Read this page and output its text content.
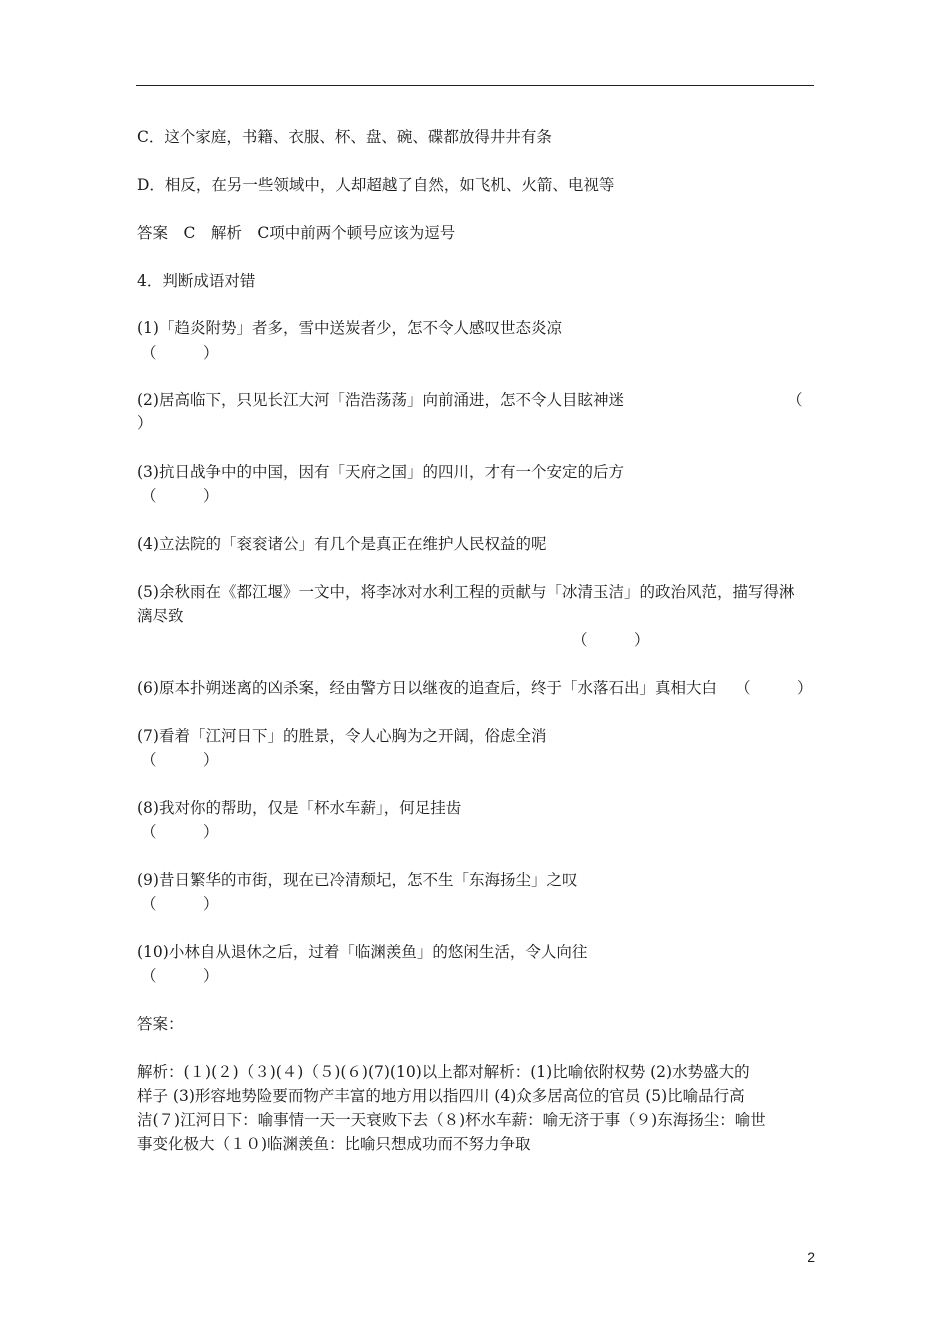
C．这个家庭，书籍、衣服、杯、盘、碗、碟都放得井井有条
D．相反，在另一些领域中，人却超越了自然，如飞机、火箭、电视等
答案　C　解析　C项中前两个顿号应该为逗号
4．判断成语对错
(1)「趋炎附势」者多，雪中送炭者少，怎不令人感叹世态炎凉
（　　　）
(2)居高临下，只见长江大河「浩浩荡荡」向前涌进，怎不令人目眩神迷	（
）
(3)抗日战争中的中国，因有「天府之国」的四川，才有一个安定的后方
（　　　）
(4)立法院的「衮衮诸公」有几个是真正在维护人民权益的呢
(5)余秋雨在《都江堰》一文中，将李冰对水利工程的贡献与「冰清玉洁」的政治风范，描写得淋
漓尽致
（　　　）
(6)原本扑朔迷离的凶杀案，经由警方日以继夜的追查后，终于「水落石出」真相大白	（　　　）
(7)看着「江河日下」的胜景，令人心胸为之开阔，俗虑全消
（　　　）
(8)我对你的帮助，仅是「杯水车薪」，何足挂齿
（　　　）
(9)昔日繁华的市街，现在已冷清颓圮，怎不生「东海扬尘」之叹
（　　　）
(10)小林自从退休之后，过着「临渊羡鱼」的悠闲生活，令人向往
（　　　）
答案：
解析：(１)(２)（３)(４)（５)(６)(7)(10)以上都对解析：(1)比喻依附权势 (2)水势盛大的
样子 (3)形容地势险要而物产丰富的地方用以指四川 (4)众多居高位的官员 (5)比喻品行高
洁(７)江河日下：喻事情一天一天衰败下去（８)杯水车薪：喻无济于事（９)东海扬尘：喻世
事变化极大（１０)临渊羡鱼：比喻只想成功而不努力争取
2
